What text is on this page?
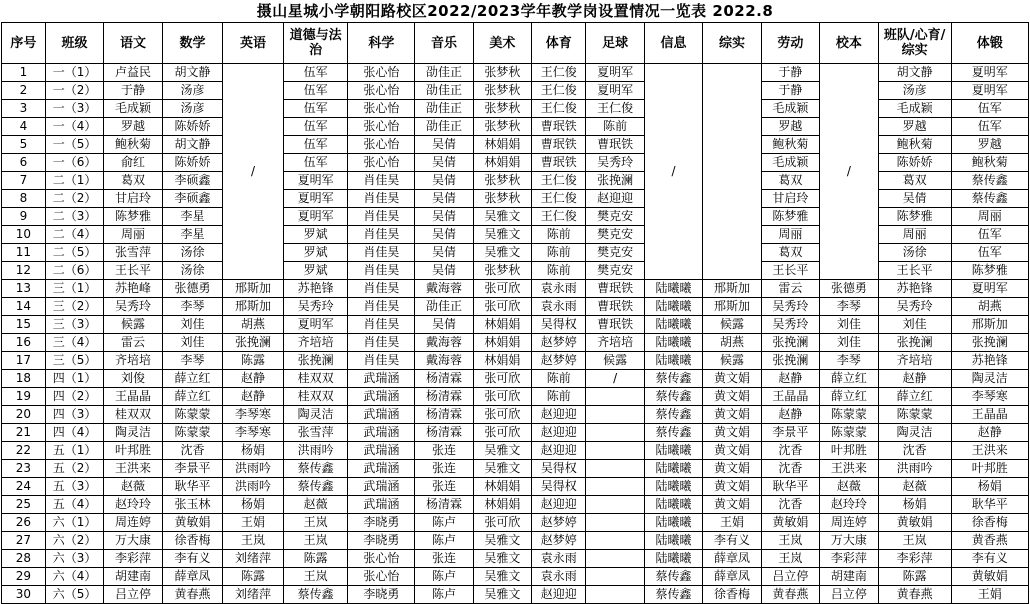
摄山星城小学朝阳路校区2022/2023学年教学岗设置情况一览表 2022.8
序号	班级	语文	数学	英语	道德与法治	科学	音乐	美术	体育	足球	信息	综实	劳动	校本	班队/心育/综实	体锻
1	一（1）	卢益民	胡文静	/	伍军	张心怡	劭佳正	张梦秋	王仁俊	夏明军	/		于静	/	胡文静	夏明军
2	一（2）	于静	汤彦		伍军	张心怡	劭佳正	张梦秋	王仁俊	夏明军			于静		汤彦	夏明军
3	一（3）	毛成颖	汤彦		伍军	张心怡	劭佳正	张梦秋	王仁俊	王仁俊			毛成颖		毛成颖	伍军
4	一（4）	罗越	陈娇娇		伍军	张心怡	劭佳正	张梦秋	曹珉铁	陈前			罗越		罗越	伍军
5	一（5）	鲍秋菊	胡文静		伍军	张心怡	吴倩	林娟娟	曹珉铁	曹珉铁			鲍秋菊		鲍秋菊	罗越
6	一（6）	俞红	陈娇娇		伍军	张心怡	吴倩	林娟娟	曹珉铁	吴秀玲			毛成颖		陈娇娇	鲍秋菊
7	二（1）	葛双	李硕鑫		夏明军	肖佳昊	吴倩	张梦秋	王仁俊	张挽澜			葛双		葛双	蔡传鑫
8	二（2）	甘启玲	李硕鑫		夏明军	肖佳昊	吴倩	张梦秋	王仁俊	赵迎迎			甘启玲		吴倩	蔡传鑫
9	二（3）	陈梦雅	李星		夏明军	肖佳昊	吴倩	吴雅文	王仁俊	樊克安			陈梦雅		陈梦雅	周丽
10	二（4）	周丽	李星		罗斌	肖佳昊	吴倩	吴雅文	陈前	樊克安			周丽		周丽	伍军
11	二（5）	张雪萍	汤徐		罗斌	肖佳昊	吴倩	吴雅文	陈前	樊克安			葛双		汤徐	伍军
12	二（6）	王长平	汤徐		罗斌	肖佳昊	吴倩	张梦秋	陈前	樊克安			王长平		王长平	陈梦雅
13	三（1）	苏艳峰	张德勇	邢斯加	苏艳锋	肖佳昊	戴海蓉	张可欣	袁永雨	曹珉铁	陆曦曦	邢斯加	雷云	张德勇	苏艳锋	夏明军
14	三（2）	吴秀玲	李琴	邢斯加	吴秀玲	肖佳昊	劭佳正	张可欣	袁永雨	曹珉铁	陆曦曦	邢斯加	吴秀玲	李琴	吴秀玲	胡燕
15	三（3）	候露	刘佳	胡燕	夏明军	肖佳昊	吴倩	林娟娟	吴得权	曹珉铁	陆曦曦	候露	吴秀玲	刘佳	刘佳	邢斯加
16	三（4）	雷云	刘佳	张挽澜	齐培培	肖佳昊	戴海蓉	林娟娟	赵梦婷	齐培培	陆曦曦	胡燕	张挽澜	刘佳	张挽澜	张挽澜
17	三（5）	齐培培	李琴	陈露	张挽澜	肖佳昊	戴海蓉	林娟娟	赵梦婷	候露	陆曦曦	候露	张挽澜	李琴	齐培培	苏艳锋
18	四（1）	刘俊	薛立红	赵静	桂双双	武瑞涵	杨清霖	张可欣	陈前	/	蔡传鑫	黄文娟	赵静	薛立红	赵静	陶灵洁
19	四（2）	王晶晶	薛立红	赵静	桂双双	武瑞涵	杨清霖	张可欣	陈前		蔡传鑫	黄文娟	王晶晶	薛立红	薛立红	李琴寒
20	四（3）	桂双双	陈蒙蒙	李琴寒	陶灵洁	武瑞涵	杨清霖	张可欣	赵迎迎		蔡传鑫	黄文娟	赵静	陈蒙蒙	陈蒙蒙	王晶晶
21	四（4）	陶灵洁	陈蒙蒙	李琴寒	张雪萍	武瑞涵	杨清霖	张可欣	赵迎迎		蔡传鑫	黄文娟	李景平	陈蒙蒙	陶灵洁	赵静
22	五（1）	叶邦胜	沈香	杨娟	洪雨吟	武瑞涵	张连	吴雅文	赵迎迎		陆曦曦	黄文娟	沈香	叶邦胜	沈香	王洪来
23	五（2）	王洪来	李景平	洪雨吟	蔡传鑫	武瑞涵	张连	吴雅文	吴得权		陆曦曦	黄文娟	沈香	王洪来	洪雨吟	叶邦胜
24	五（3）	赵薇	耿华平	洪雨吟	蔡传鑫	武瑞涵	张连	林娟娟	吴得权		陆曦曦	黄文娟	耿华平	赵薇	赵薇	杨娟
25	五（4）	赵玲玲	张玉林	杨娟	赵薇	武瑞涵	杨清霖	林娟娟	赵迎迎		陆曦曦	黄文娟	沈香	赵玲玲	杨娟	耿华平
26	六（1）	周连婷	黄敏娟	王娟	王岚	李晓勇	陈卢	张可欣	赵梦婷		陆曦曦	王娟	黄敏娟	周连婷	黄敏娟	徐香梅
27	六（2）	万大康	徐香梅	王岚	王岚	李晓勇	陈卢	吴雅文	赵梦婷		陆曦曦	李有义	王岚	万大康	王岚	黄香燕
28	六（3）	李彩萍	李有义	刘绪萍	陈露	张心怡	张连	吴雅文	袁永雨		陆曦曦	薛章凤	王岚	李彩萍	李彩萍	李有义
29	六（4）	胡建南	薛章凤	陈露	王岚	张心怡	陈卢	吴雅文	袁永雨		蔡传鑫	薛章凤	吕立停	胡建南	陈露	黄敏娟
30	六（5）	吕立停	黄春燕	刘绪萍	蔡传鑫	李晓勇	陈卢	吴雅文	赵迎迎		蔡传鑫	徐香梅	黄春燕	吕立停	黄春燕	王娟
